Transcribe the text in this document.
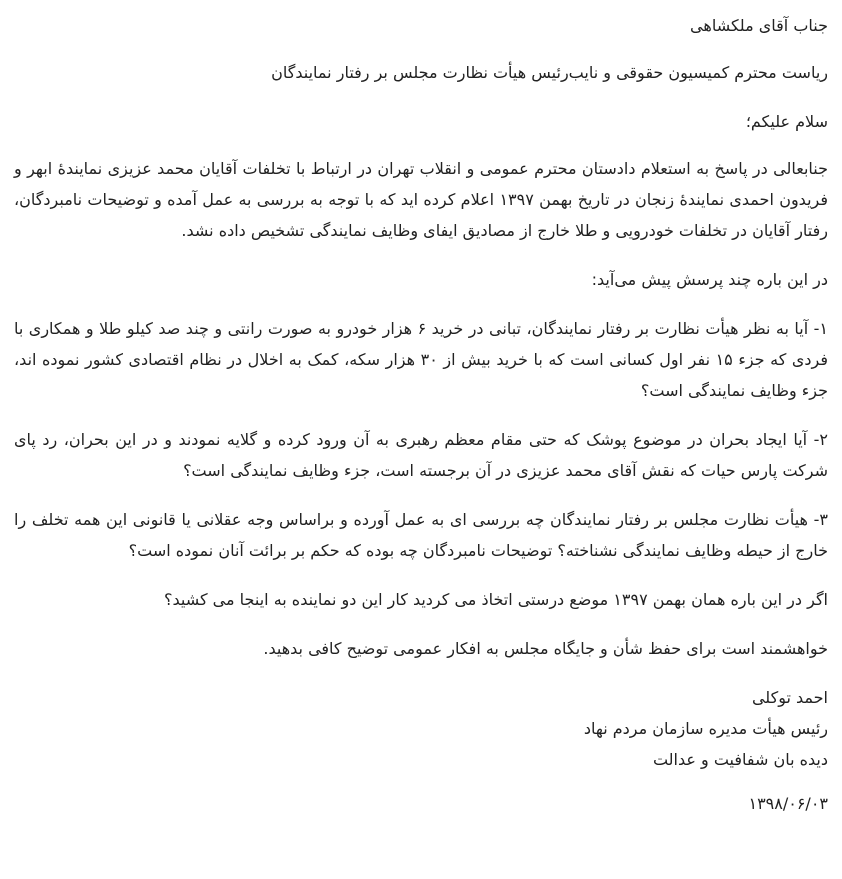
جناب آقای ملکشاهی

ریاست محترم کمیسیون حقوقی و نایب‌رئیس هیأت نظارت مجلس بر رفتار نمایندگان

سلام علیکم؛

جنابعالی در پاسخ به استعلام دادستان محترم عمومی و انقلاب تهران در ارتباط با تخلفات آقایان محمد عزیزی نمایندۀ ابهر و فریدون احمدی نمایندۀ زنجان در تاریخ بهمن ۱۳۹۷ اعلام کرده اید که با توجه به بررسی به عمل آمده و توضیحات نامبردگان، رفتار آقایان در تخلفات خودرویی و طلا خارج از مصادیق ایفای وظایف نمایندگی تشخیص داده نشد.

در این باره چند پرسش پیش می‌آید:

۱- آیا به نظر هیأت نظارت بر رفتار نمایندگان، تبانی در خرید ۶ هزار خودرو به صورت رانتی و چند صد کیلو طلا و همکاری با فردی که جزء ۱۵ نفر اول کسانی است که با خرید بیش از ۳۰ هزار سکه، کمک به اخلال در نظام اقتصادی کشور نموده اند، جزء وظایف نمایندگی است؟

۲- آیا ایجاد بحران در موضوع پوشک که حتی مقام معظم رهبری به آن ورود کرده و گلایه نمودند و در این بحران، رد پای شرکت پارس حیات که نقش آقای محمد عزیزی در آن برجسته است، جزء وظایف نمایندگی است؟

۳- هیأت نظارت مجلس بر رفتار نمایندگان چه بررسی ای به عمل آورده و براساس وجه عقلانی یا قانونی این همه تخلف را خارج از حیطه وظایف نمایندگی نشناخته؟ توضیحات نامبردگان چه بوده که حکم بر برائت آنان نموده است؟

اگر در این باره همان بهمن ۱۳۹۷ موضع درستی اتخاذ می کردید کار این دو نماینده به اینجا می کشید؟

خواهشمند است برای حفظ شأن و جایگاه مجلس به افکار عمومی توضیح کافی بدهید.

احمد توکلی

رئیس هیأت مدیره سازمان مردم نهاد

دیده بان شفافیت و عدالت

۱۳۹۸/۰۶/۰۳
